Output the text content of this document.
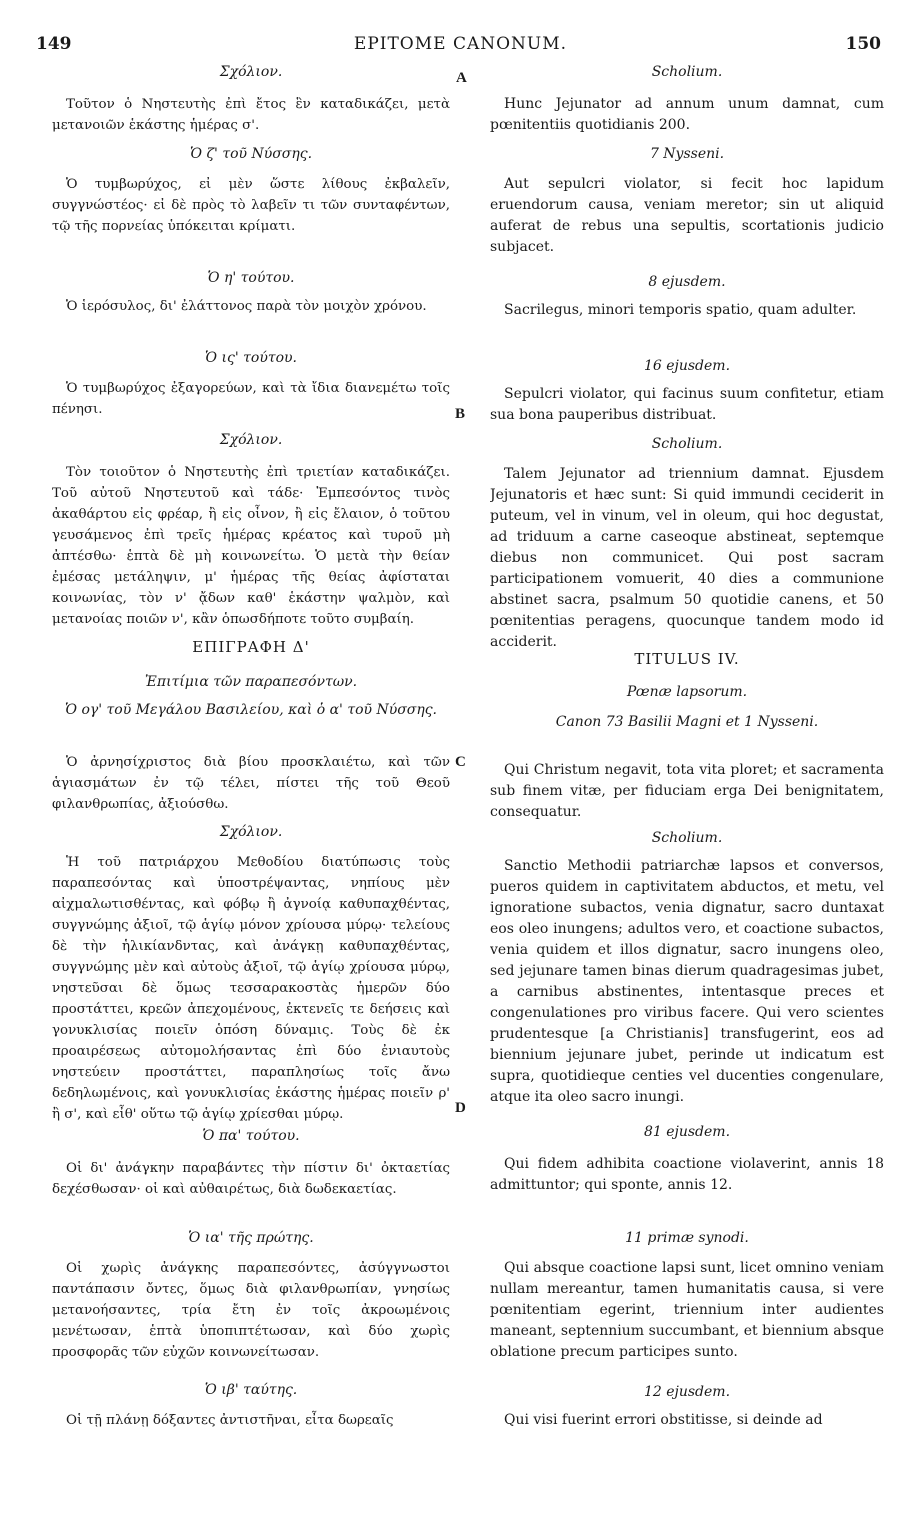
149	EPITOME CANONUM.	150
A
B
C
D
Σχόλιον.
Τοῦτον ὁ Νηστευτὴς ἐπὶ ἔτος ἓν καταδικάζει, μετὰ μετανοιῶν ἑκάστης ἡμέρας σ'.
Ὁ ζ' τοῦ Νύσσης.
Ὁ τυμβωρύχος, εἰ μὲν ὥστε λίθους ἐκβαλεῖν, συγγνώστέος· εἰ δὲ πρὸς τὸ λαβεῖν τι τῶν συνταφέντων, τῷ τῆς πορνείας ὑπόκειται κρίματι.
Ὁ η' τούτου.
Ὁ ἱερόσυλος, δι' ἐλάττονος παρὰ τὸν μοιχὸν χρόνου.
Ὁ ις' τούτου.
Ὁ τυμβωρύχος ἐξαγορεύων, καὶ τὰ ἴδια διανεμέτω τοῖς πένησι.
Σχόλιον.
Τὸν τοιοῦτον ὁ Νηστευτὴς ἐπὶ τριετίαν καταδικάζει. Τοῦ αὐτοῦ Νηστευτοῦ καὶ τάδε· Ἐμπεσόντος τινὸς ἀκαθάρτου εἰς φρέαρ, ἢ εἰς οἶνον, ἢ εἰς ἔλαιον, ὁ τοῦτου γευσάμενος ἐπὶ τρεῖς ἡμέρας κρέατος καὶ τυροῦ μὴ ἀπτέσθω· ἑπτὰ δὲ μὴ κοινωνείτω. Ὁ μετὰ τὴν θείαν ἐμέσας μετάληψιν, μ' ἡμέρας τῆς θείας ἀφίσταται κοινωνίας, τὸν ν' ᾄδων καθ' ἑκάστην ψαλμὸν, καὶ μετανοίας ποιῶν ν', κἂν ὁπωσδήποτε τοῦτο συμβαίη.
ΕΠΙΓΡΑΦΗ Δ'
Ἐπιτίμια τῶν παραπεσόντων.
Ὁ ογ' τοῦ Μεγάλου Βασιλείου, καὶ ὁ α' τοῦ Νύσσης.
Ὁ ἀρνησίχριστος διὰ βίου προσκλαιέτω, καὶ τῶν ἁγιασμάτων ἐν τῷ τέλει, πίστει τῆς τοῦ Θεοῦ φιλανθρωπίας, ἀξιούσθω.
Σχόλιον.
Ἡ τοῦ πατριάρχου Μεθοδίου διατύπωσις τοὺς παραπεσόντας καὶ ὑποστρέψαντας, νηπίους μὲν αἰχμαλωτισθέντας, καὶ φόβῳ ἢ ἀγνοίᾳ καθυπαχθέντας, συγγνώμης ἀξιοῖ, τῷ ἁγίῳ μόνον χρίουσα μύρῳ· τελείους δὲ τὴν ἡλικίανδντας, καὶ ἀνάγκῃ καθυπαχθέντας, συγγνώμης μὲν καὶ αὐτοὺς ἀξιοῖ, τῷ ἁγίῳ χρίουσα μύρῳ, νηστεῦσαι δὲ ὅμως τεσσαρακοστὰς ἡμερῶν δύο προστάττει, κρεῶν ἀπεχομένους, ἐκτενεῖς τε δεήσεις καὶ γονυκλισίας ποιεῖν ὁπόση δύναμις. Τοὺς δὲ ἐκ προαιρέσεως αὐτομολήσαντας ἐπὶ δύο ἐνιαυτοὺς νηστεύειν προστάττει, παραπλησίως τοῖς ἄνω δεδηλωμένοις, καὶ γονυκλισίας ἑκάστης ἡμέρας ποιεῖν ρ' ἢ σ', καὶ εἶθ' οὕτω τῷ ἁγίῳ χρίεσθαι μύρῳ.
Ὁ πα' τούτου.
Οἱ δι' ἀνάγκην παραβάντες τὴν πίστιν δι' ὀκταετίας δεχέσθωσαν· οἱ καὶ αὐθαιρέτως, διὰ δωδεκαετίας.
Ὁ ια' τῆς πρώτης.
Οἱ χωρὶς ἀνάγκης παραπεσόντες, ἀσύγγνωστοι παντάπασιν ὄντες, ὅμως διὰ φιλανθρωπίαν, γνησίως μετανοήσαντες, τρία ἔτη ἐν τοῖς ἀκροωμένοις μενέτωσαν, ἑπτὰ ὑποπιπτέτωσαν, καὶ δύο χωρὶς προσφορᾶς τῶν εὐχῶν κοινωνείτωσαν.
Ὁ ιβ' ταύτης.
Οἱ τῇ πλάνῃ δόξαντες ἀντιστῆναι, εἶτα δωρεαῖς
Scholium.
Hunc Jejunator ad annum unum damnat, cum pœnitentiis quotidianis 200.
7 Nysseni.
Aut sepulcri violator, si fecit hoc lapidum eruendorum causa, veniam meretor; sin ut aliquid auferat de rebus una sepultis, scortationis judicio subjacet.
8 ejusdem.
Sacrilegus, minori temporis spatio, quam adulter.
16 ejusdem.
Sepulcri violator, qui facinus suum confitetur, etiam sua bona pauperibus distribuat.
Scholium.
Talem Jejunator ad triennium damnat. Ejusdem Jejunatoris et hæc sunt: Si quid immundi ceciderit in puteum, vel in vinum, vel in oleum, qui hoc degustat, ad triduum a carne caseoque abstineat, septemque diebus non communicet. Qui post sacram participationem vomuerit, 40 dies a communione abstinet sacra, psalmum 50 quotidie canens, et 50 pœnitentias peragens, quocunque tandem modo id acciderit.
TITULUS IV.
Pœnæ lapsorum.
Canon 73 Basilii Magni et 1 Nysseni.
Qui Christum negavit, tota vita ploret; et sacramenta sub finem vitæ, per fiduciam erga Dei benignitatem, consequatur.
Scholium.
Sanctio Methodii patriarchæ lapsos et conversos, pueros quidem in captivitatem abductos, et metu, vel ignoratione subactos, venia dignatur, sacro duntaxat eos oleo inungens; adultos vero, et coactione subactos, venia quidem et illos dignatur, sacro inungens oleo, sed jejunare tamen binas dierum quadragesimas jubet, a carnibus abstinentes, intentasque preces et congenulationes pro viribus facere. Qui vero scientes prudentesque [a Christianis] transfugerint, eos ad biennium jejunare jubet, perinde ut indicatum est supra, quotidieque centies vel ducenties congenulare, atque ita oleo sacro inungi.
81 ejusdem.
Qui fidem adhibita coactione violaverint, annis 18 admittuntor; qui sponte, annis 12.
11 primæ synodi.
Qui absque coactione lapsi sunt, licet omnino veniam nullam mereantur, tamen humanitatis causa, si vere pœnitentiam egerint, triennium inter audientes maneant, septennium succumbant, et biennium absque oblatione precum participes sunto.
12 ejusdem.
Qui visi fuerint errori obstitisse, si deinde ad
